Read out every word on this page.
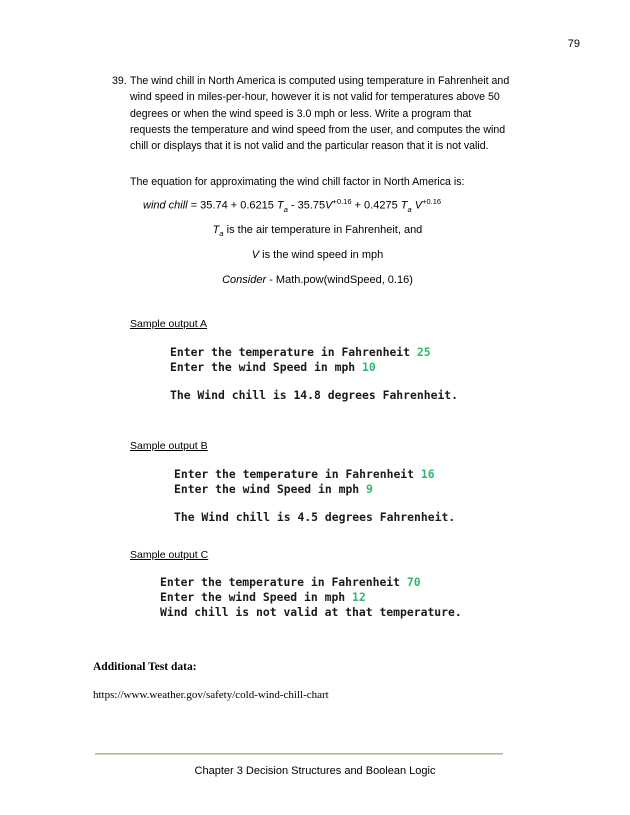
79
39. The wind chill in North America is computed using temperature in Fahrenheit and wind speed in miles-per-hour, however it is not valid for temperatures above 50 degrees or when the wind speed is 3.0 mph or less. Write a program that requests the temperature and wind speed from the user, and computes the wind chill or displays that it is not valid and the particular reason that it is not valid.
The equation for approximating the wind chill factor in North America is:
wind chill = 35.74 + 0.6215 $T_a - 35.75V^{+0.16} + 0.4275$ $T_a$ $V^{+0.16}$
$T_a$ is the air temperature in Fahrenheit, and
V is the wind speed in mph
Consider - Math.pow(windSpeed, 0.16)
Sample output A
Enter the temperature in Fahrenheit 25
Enter the wind Speed in mph 10
The Wind chill is 14.8 degrees Fahrenheit.
Sample output B
Enter the temperature in Fahrenheit 16
Enter the wind Speed in mph 9
The Wind chill is 4.5 degrees Fahrenheit.
Sample output C
Enter the temperature in Fahrenheit 70
Enter the wind Speed in mph 12
Wind chill is not valid at that temperature.
Additional Test data:
https://www.weather.gov/safety/cold-wind-chill-chart
Chapter 3 Decision Structures and Boolean Logic
